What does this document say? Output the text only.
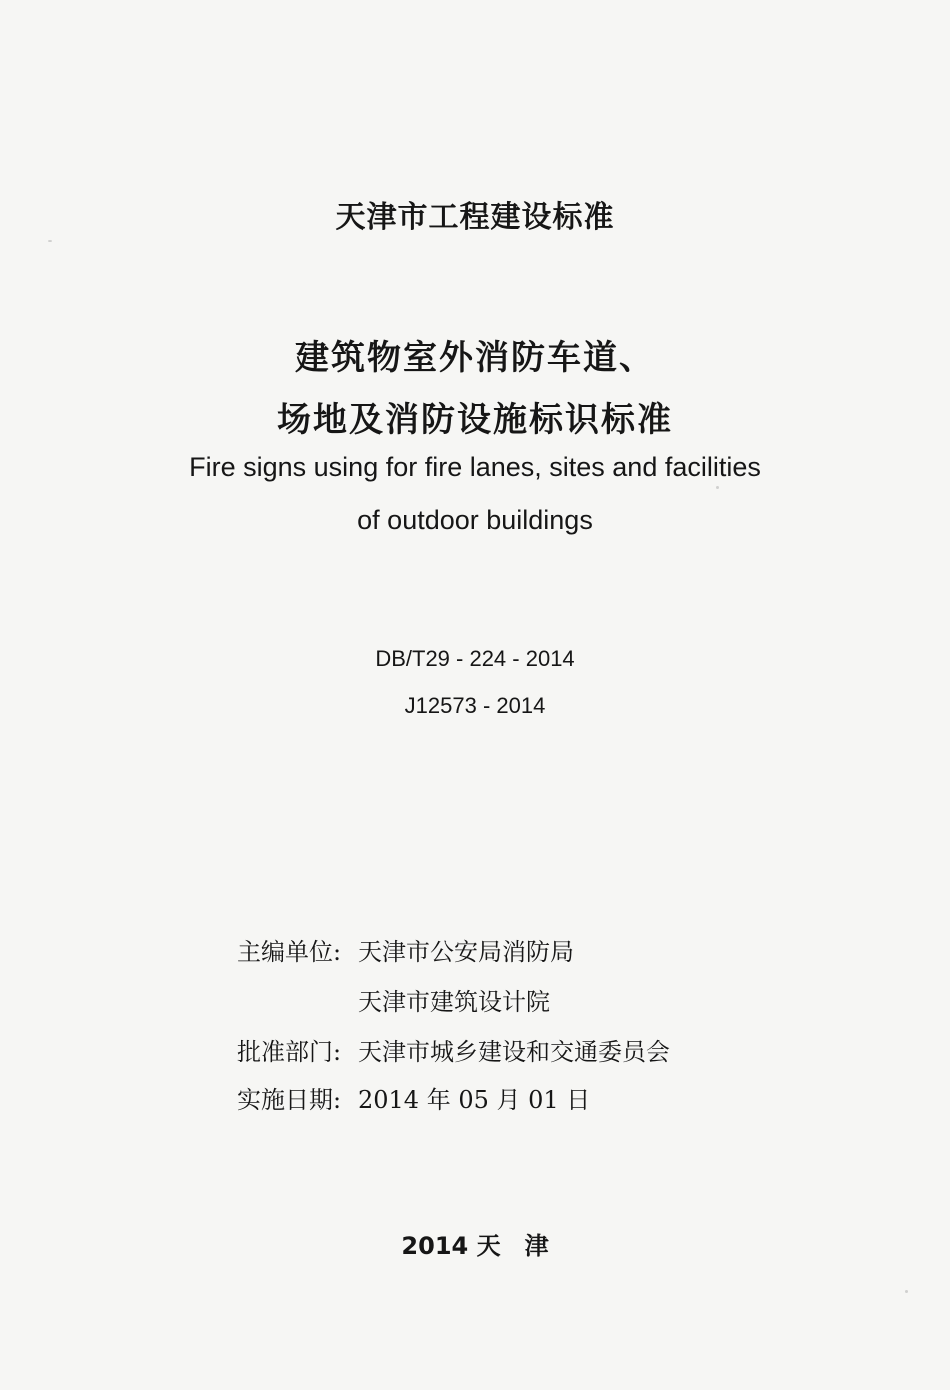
天津市工程建设标准
建筑物室外消防车道、
场地及消防设施标识标准
Fire signs using for fire lanes, sites and facilities
of outdoor buildings
DB/T29 - 224 - 2014
J12573 - 2014
主编单位: 天津市公安局消防局
天津市建筑设计院
批准部门: 天津市城乡建设和交通委员会
实施日期: 2014 年 05 月 01 日
2014 天 津
